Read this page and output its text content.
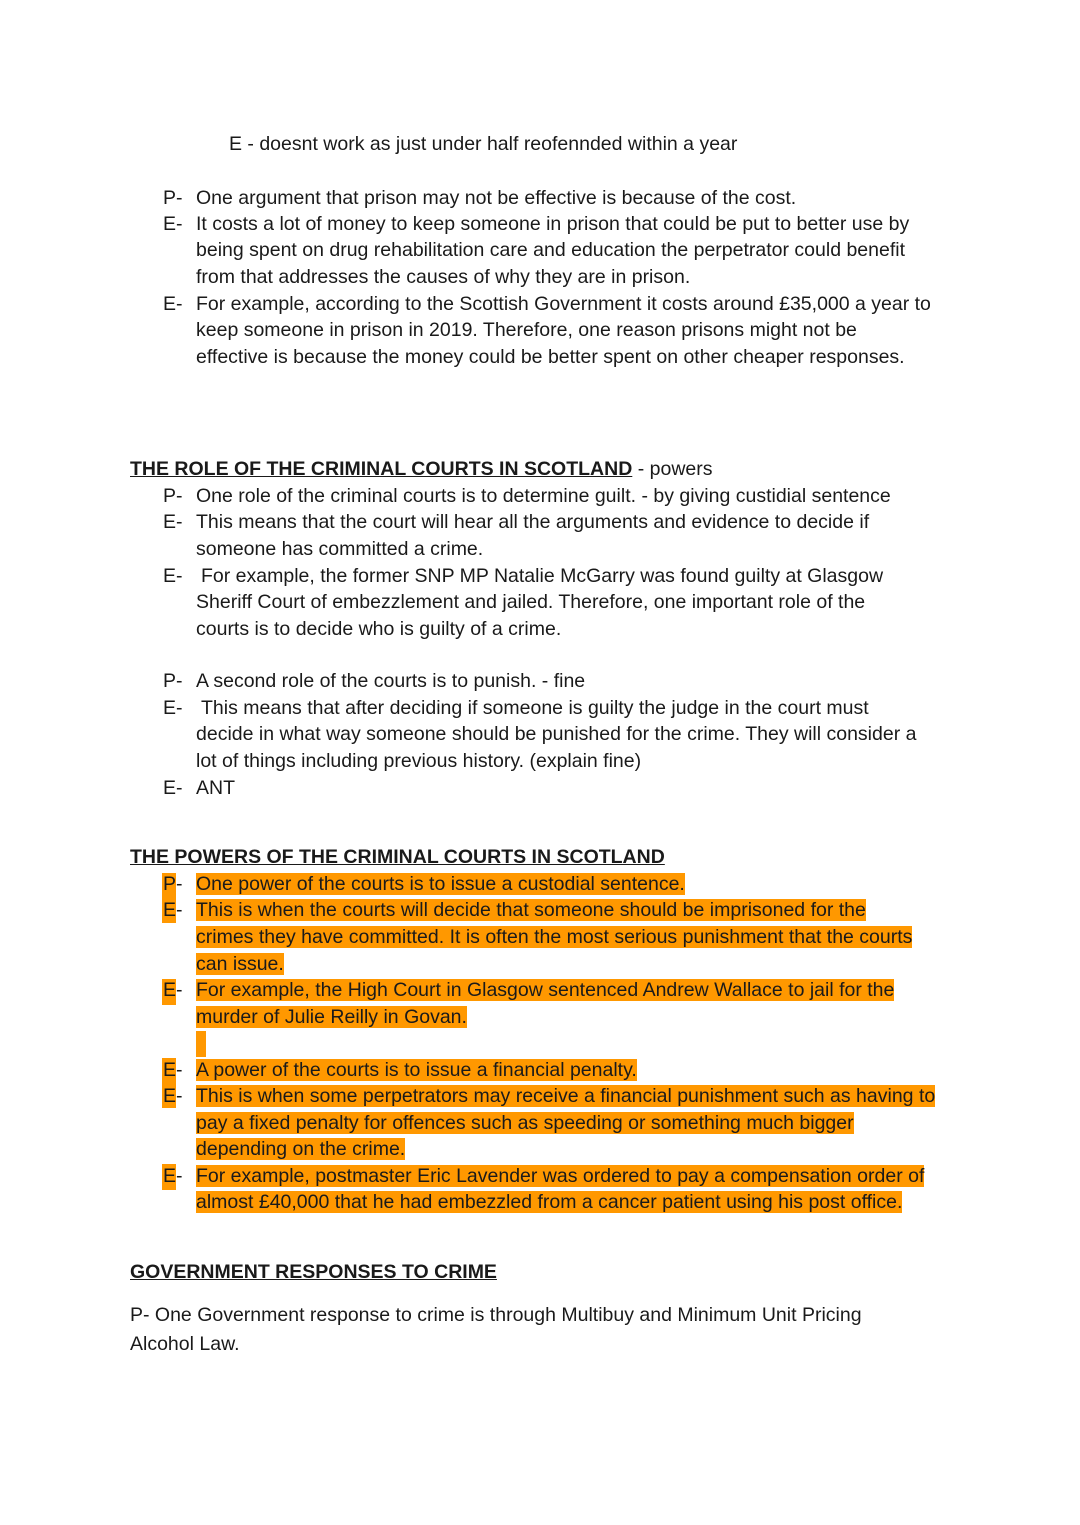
E - doesnt work as just under half reofennded within a year
P- One argument that prison may not be effective is because of the cost.
E- It costs a lot of money to keep someone in prison that could be put to better use by
being spent on drug rehabilitation care and education the perpetrator could benefit
from that addresses the causes of why they are in prison.
E- For example, according to the Scottish Government it costs around £35,000 a year to
keep someone in prison in 2019. Therefore, one reason prisons might not be
effective is because the money could be better spent on other cheaper responses.
THE ROLE OF THE CRIMINAL COURTS IN SCOTLAND - powers
P- One role of the criminal courts is to determine guilt. - by giving custidial sentence
E- This means that the court will hear all the arguments and evidence to decide if
someone has committed a crime.
E- For example, the former SNP MP Natalie McGarry was found guilty at Glasgow
Sheriff Court of embezzlement and jailed. Therefore, one important role of the
courts is to decide who is guilty of a crime.
P- A second role of the courts is to punish. - fine
E- This means that after deciding if someone is guilty the judge in the court must
decide in what way someone should be punished for the crime. They will consider a
lot of things including previous history. (explain fine)
E- ANT
THE POWERS OF THE CRIMINAL COURTS IN SCOTLAND
P- One power of the courts is to issue a custodial sentence.
E- This is when the courts will decide that someone should be imprisoned for the
crimes they have committed. It is often the most serious punishment that the courts
can issue.
E- For example, the High Court in Glasgow sentenced Andrew Wallace to jail for the
murder of Julie Reilly in Govan.
E- A power of the courts is to issue a financial penalty.
E- This is when some perpetrators may receive a financial punishment such as having to
pay a fixed penalty for offences such as speeding or something much bigger
depending on the crime.
E- For example, postmaster Eric Lavender was ordered to pay a compensation order of
almost £40,000 that he had embezzled from a cancer patient using his post office.
GOVERNMENT RESPONSES TO CRIME
P- One Government response to crime is through Multibuy and Minimum Unit Pricing
Alcohol Law.
